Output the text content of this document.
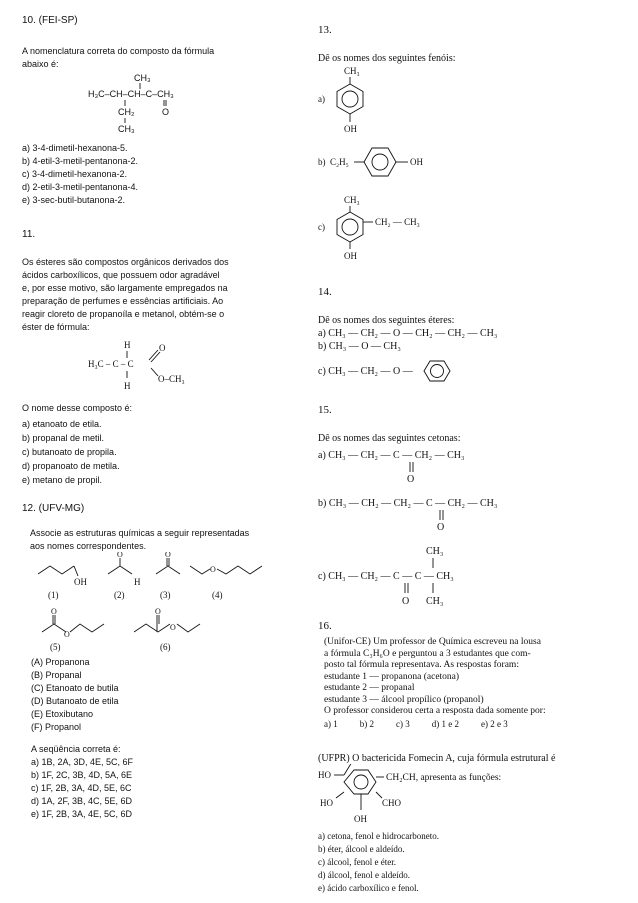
10. (FEI-SP)
A nomenclatura correta do composto da fórmula
abaixo é:
CH₃
H₃C–CH–CH–C–CH₃
CH₂	O
CH₃
a) 3-4-dimetil-hexanona-5.
b) 4-etil-3-metil-pentanona-2.
c) 3-4-dimetil-hexanona-2.
d) 2-etil-3-metil-pentanona-4.
e) 3-sec-butil-butanona-2.
11.
Os ésteres são compostos orgânicos derivados dos
ácidos carboxílicos, que possuem odor agradável
e, por esse motivo, são largamente empregados na
preparação de perfumes e essências artificiais. Ao
reagir cloreto de propanoíla e metanol, obtém-se o
éster de fórmula:
H
H₃C – C – C
O
O–CH₃
H
O nome desse composto é:
a) etanoato de etila.
b) propanal de metil.
c) butanoato de propila.
d) propanoato de metila.
e) metano de propil.
12. (UFV-MG)
Associe as estruturas químicas a seguir representadas
aos nomes correspondentes.
OH
(1)
O
H
(2)
O
(3)
O
(4)
O
O
(5)
O
O
(6)
(A) Propanona
(B) Propanal
(C) Etanoato de butila
(D) Butanoato de etila
(E) Etoxibutano
(F) Propanol
A seqüência correta é:
a) 1B, 2A, 3D, 4E, 5C, 6F
b) 1F, 2C, 3B, 4D, 5A, 6E
c) 1F, 2B, 3A, 4D, 5E, 6C
d) 1A, 2F, 3B, 4C, 5E, 6D
e) 1F, 2B, 3A, 4E, 5C, 6D
13.
Dê os nomes dos seguintes fenóis:
CH₃
OH
a)
b) C₂H₅	OH
CH₃
c)	CH₂ — CH₃
OH
14.
Dê os nomes dos seguintes éteres:
a) CH₃ — CH₂ — O — CH₂ — CH₂ — CH₃
b) CH₃ — O — CH₃
c) CH₃ — CH₂ — O —
15.
Dê os nomes das seguintes cetonas:
a) CH₃ — CH₂ — C — CH₂ — CH₃
O
b) CH₃ — CH₂ — CH₂ — C — CH₂ — CH₃
O
CH₃
c) CH₃ — CH₂ — C — C — CH₃
O CH₃
16.
(Unifor-CE) Um professor de Química escreveu na lousa
a fórmula C₃H₆O e perguntou a 3 estudantes que com-
posto tal fórmula representava. As respostas foram:
estudante 1 — propanona (acetona)
estudante 2 — propanal
estudante 3 — álcool propílico (propanol)
O professor considerou certa a resposta dada somente por:
a) 1 b) 2 c) 3 d) 1 e 2 e) 2 e 3
(UFPR) O bactericida Fomecin A, cuja fórmula estrutural é
HO	CH₂CH, apresenta as funções:
HO	CHO
OH
a) cetona, fenol e hidrocarboneto.
b) éter, álcool e aldeído.
c) álcool, fenol e éter.
d) álcool, fenol e aldeído.
e) ácido carboxílico e fenol.
